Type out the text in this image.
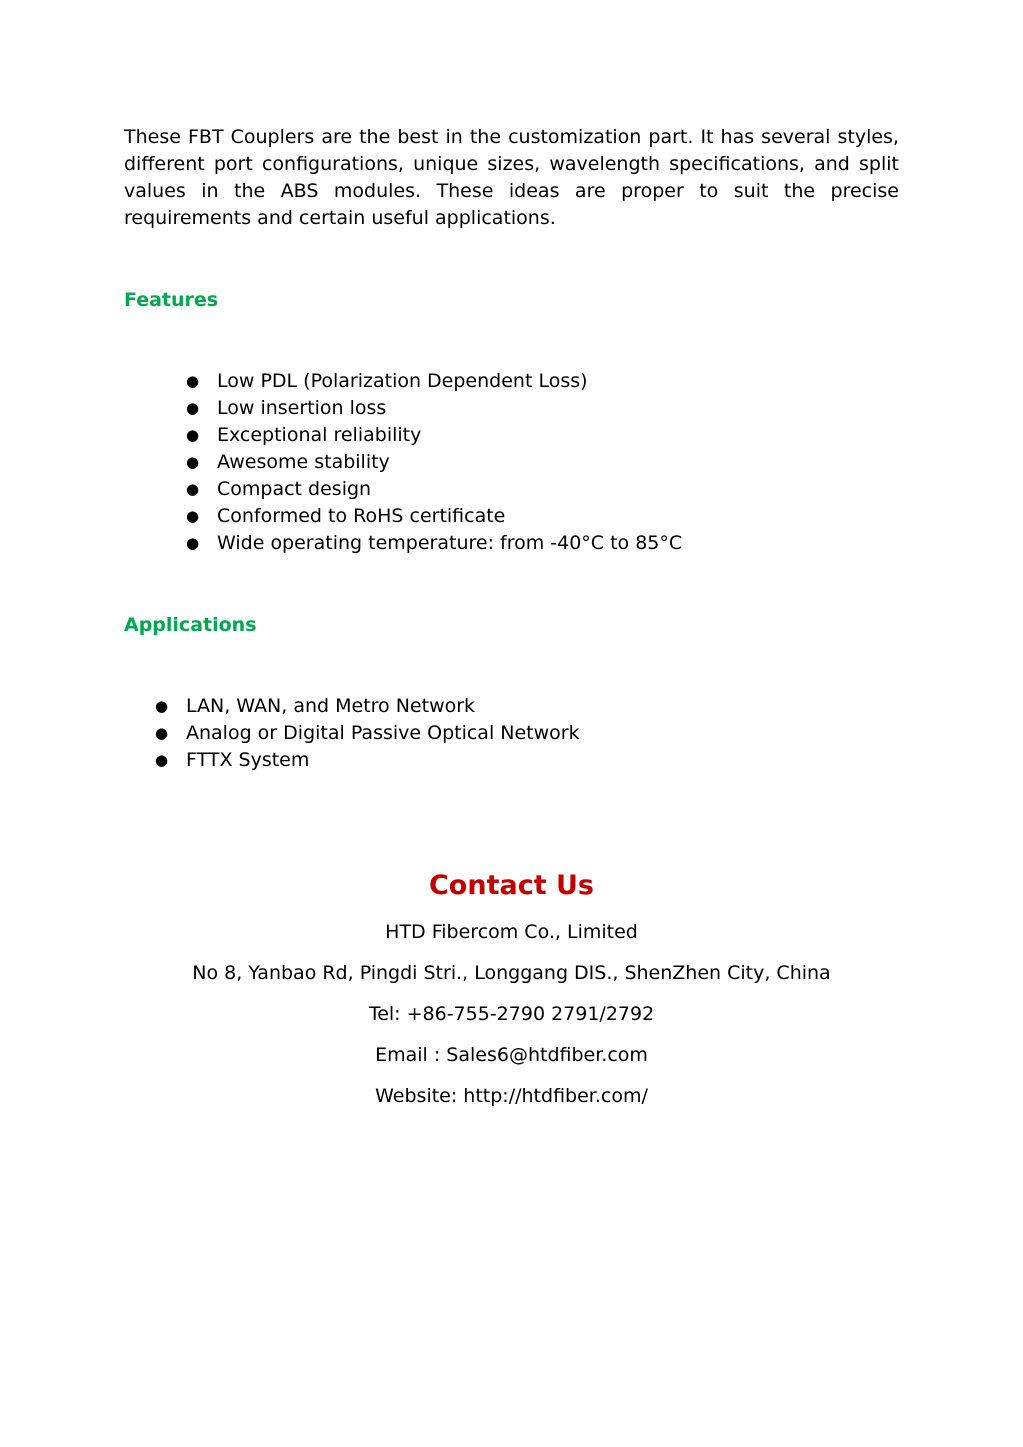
These FBT Couplers are the best in the customization part. It has several styles, different port configurations, unique sizes, wavelength specifications, and split values in the ABS modules. These ideas are proper to suit the precise requirements and certain useful applications.

Features
● Low PDL (Polarization Dependent Loss)
● Low insertion loss
● Exceptional reliability
● Awesome stability
● Compact design
● Conformed to RoHS certificate
● Wide operating temperature: from -40°C to 85°C
Applications
● LAN, WAN, and Metro Network
● Analog or Digital Passive Optical Network
● FTTX System
Contact Us

HTD Fibercom Co., Limited

No 8, Yanbao Rd, Pingdi Stri., Longgang DIS., ShenZhen City, China

Tel: +86-755-2790 2791/2792

Email : Sales6@htdfiber.com

Website: http://htdfiber.com/
